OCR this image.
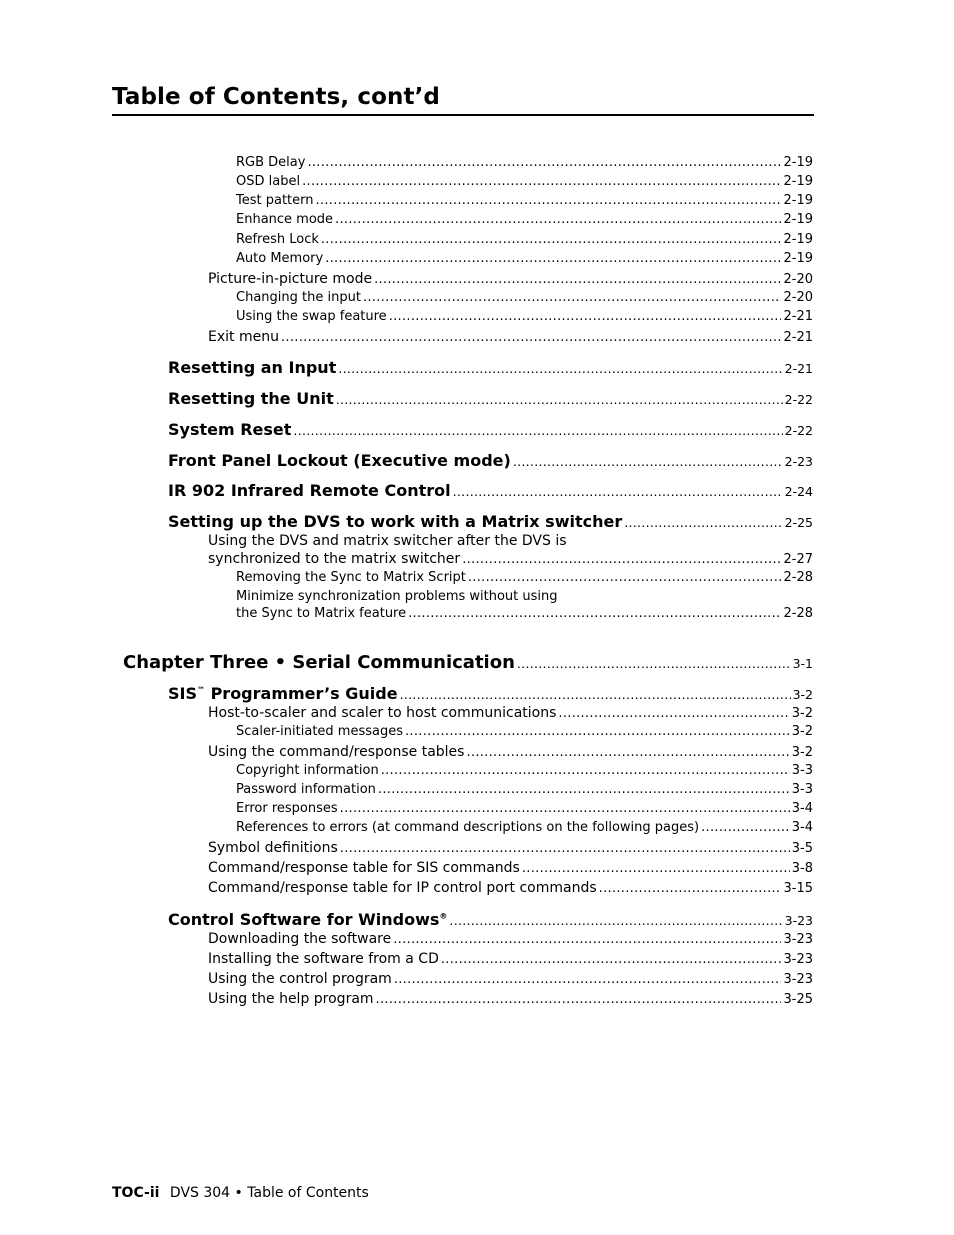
Table of Contents, cont’d
RGB Delay .....	2-19
OSD label .....	2-19
Test pattern .....	2-19
Enhance mode .....	2-19
Refresh Lock .....	2-19
Auto Memory .....	2-19
Picture-in-picture mode .....	2-20
Changing the input .....	2-20
Using the swap feature .....	2-21
Exit menu .....	2-21
Resetting an Input .....	2-21
Resetting the Unit .....	2-22
System Reset .....	2-22
Front Panel Lockout (Executive mode) .....	2-23
IR 902 Infrared Remote Control .....	2-24
Setting up the DVS to work with a Matrix switcher .....	2-25
Using the DVS and matrix switcher after the DVS is
synchronized to the matrix switcher .....	2-27
Removing the Sync to Matrix Script .....	2-28
Minimize synchronization problems without using
the Sync to Matrix feature .....	2-28
Chapter Three • Serial Communication .....	3-1
SIS™ Programmer’s Guide .....	3-2
Host-to-scaler and scaler to host communications .....	3-2
Scaler-initiated messages .....	3-2
Using the command/response tables .....	3-2
Copyright information .....	3-3
Password information .....	3-3
Error responses .....	3-4
References to errors (at command descriptions on the following pages) .....	3-4
Symbol definitions .....	3-5
Command/response table for SIS commands .....	3-8
Command/response table for IP control port commands .....	3-15
Control Software for Windows® .....	3-23
Downloading the software .....	3-23
Installing the software from a CD .....	3-23
Using the control program .....	3-23
Using the help program .....	3-25
TOC-ii DVS 304 • Table of Contents
